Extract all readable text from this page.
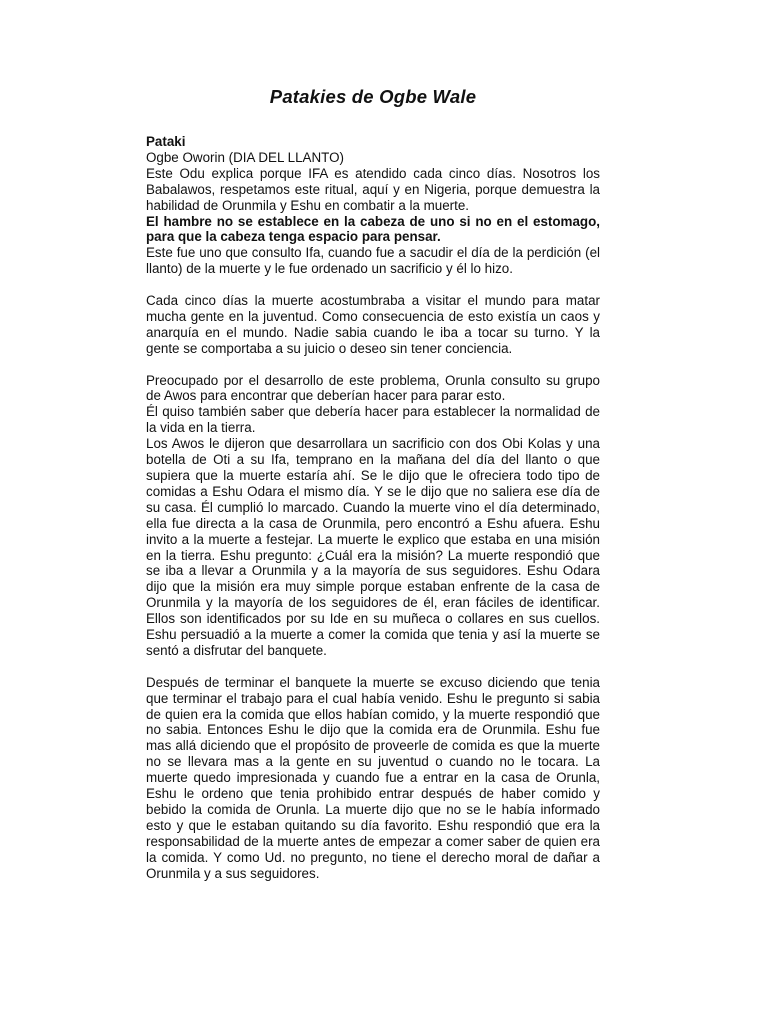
Patakies de Ogbe Wale

Pataki

Ogbe Oworin (DIA DEL LLANTO)

Este Odu explica porque IFA es atendido cada cinco días. Nosotros los Babalawos, respetamos este ritual, aquí y en Nigeria, porque demuestra la habilidad de Orunmila y Eshu en combatir a la muerte.

El hambre no se establece en la cabeza de uno si no en el estomago, para que la cabeza tenga espacio para pensar.

Este fue uno que consulto Ifa, cuando fue a sacudir el día de la perdición (el llanto) de la muerte y le fue ordenado un sacrificio y él lo hizo.

Cada cinco días la muerte acostumbraba a visitar el mundo para matar mucha gente en la juventud. Como consecuencia de esto existía un caos y anarquía en el mundo. Nadie sabia cuando le iba a tocar su turno. Y la gente se comportaba a su juicio o deseo sin tener conciencia.

Preocupado por el desarrollo de este problema, Orunla consulto su grupo de Awos para encontrar que deberían hacer para parar esto.

Él quiso también saber que debería hacer para establecer la normalidad de la vida en la tierra.

Los Awos le dijeron que desarrollara un sacrificio con dos Obi Kolas y una botella de Oti a su Ifa, temprano en la mañana del día del llanto o que supiera que la muerte estaría ahí. Se le dijo que le ofreciera todo tipo de comidas a Eshu Odara el mismo día. Y se le dijo que no saliera ese día de su casa. Él cumplió lo marcado. Cuando la muerte vino el día determinado, ella fue directa a la casa de Orunmila, pero encontró a Eshu afuera. Eshu invito a la muerte a festejar. La muerte le explico que estaba en una misión en la tierra. Eshu pregunto: ¿Cuál era la misión? La muerte respondió que se iba a llevar a Orunmila y a la mayoría de sus seguidores. Eshu Odara dijo que la misión era muy simple porque estaban enfrente de la casa de Orunmila y la mayoría de los seguidores de él, eran fáciles de identificar. Ellos son identificados por su Ide en su muñeca o collares en sus cuellos. Eshu persuadió a la muerte a comer la comida que tenia y así la muerte se sentó a disfrutar del banquete.

Después de terminar el banquete la muerte se excuso diciendo que tenia que terminar el trabajo para el cual había venido. Eshu le pregunto si sabia de quien era la comida que ellos habían comido, y la muerte respondió que no sabia. Entonces Eshu le dijo que la comida era de Orunmila. Eshu fue mas allá diciendo que el propósito de proveerle de comida es que la muerte no se llevara mas a la gente en su juventud o cuando no le tocara. La muerte quedo impresionada y cuando fue a entrar en la casa de Orunla, Eshu le ordeno que tenia prohibido entrar después de haber comido y bebido la comida de Orunla. La muerte dijo que no se le había informado esto y que le estaban quitando su día favorito. Eshu respondió que era la responsabilidad de la muerte antes de empezar a comer saber de quien era la comida. Y como Ud. no pregunto, no tiene el derecho moral de dañar a Orunmila y a sus seguidores.
